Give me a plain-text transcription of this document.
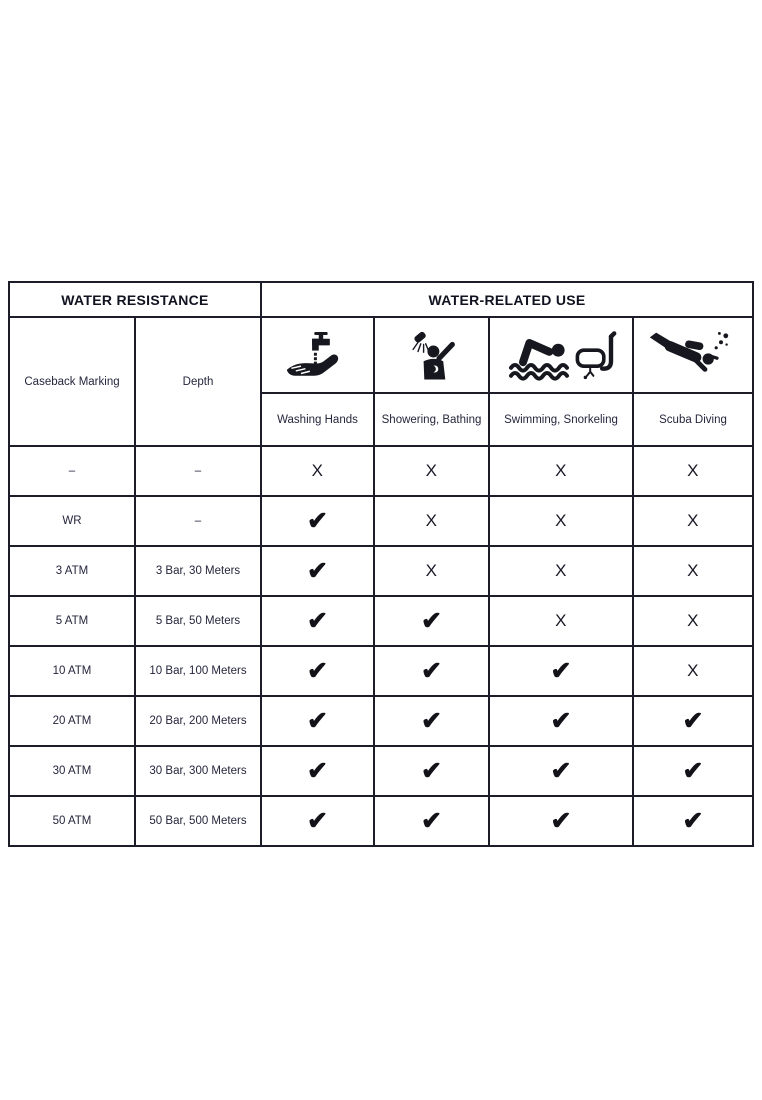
WATER RESISTANCE		WATER-RELATED USE			
Caseback Marking	Depth	

		Washing Hands	Showering, Bathing	Swimming, Snorkeling	Scuba Diving
–	–	X	X	X	X
WR	–	✔	X	X	X
3 ATM	3 Bar, 30 Meters	✔	X	X	X
5 ATM	5 Bar, 50 Meters	✔	✔	X	X
10 ATM	10 Bar, 100 Meters	✔	✔	✔	X
20 ATM	20 Bar, 200 Meters	✔	✔	✔	✔
30 ATM	30 Bar, 300 Meters	✔	✔	✔	✔
50 ATM	50 Bar, 500 Meters	✔	✔	✔	✔
